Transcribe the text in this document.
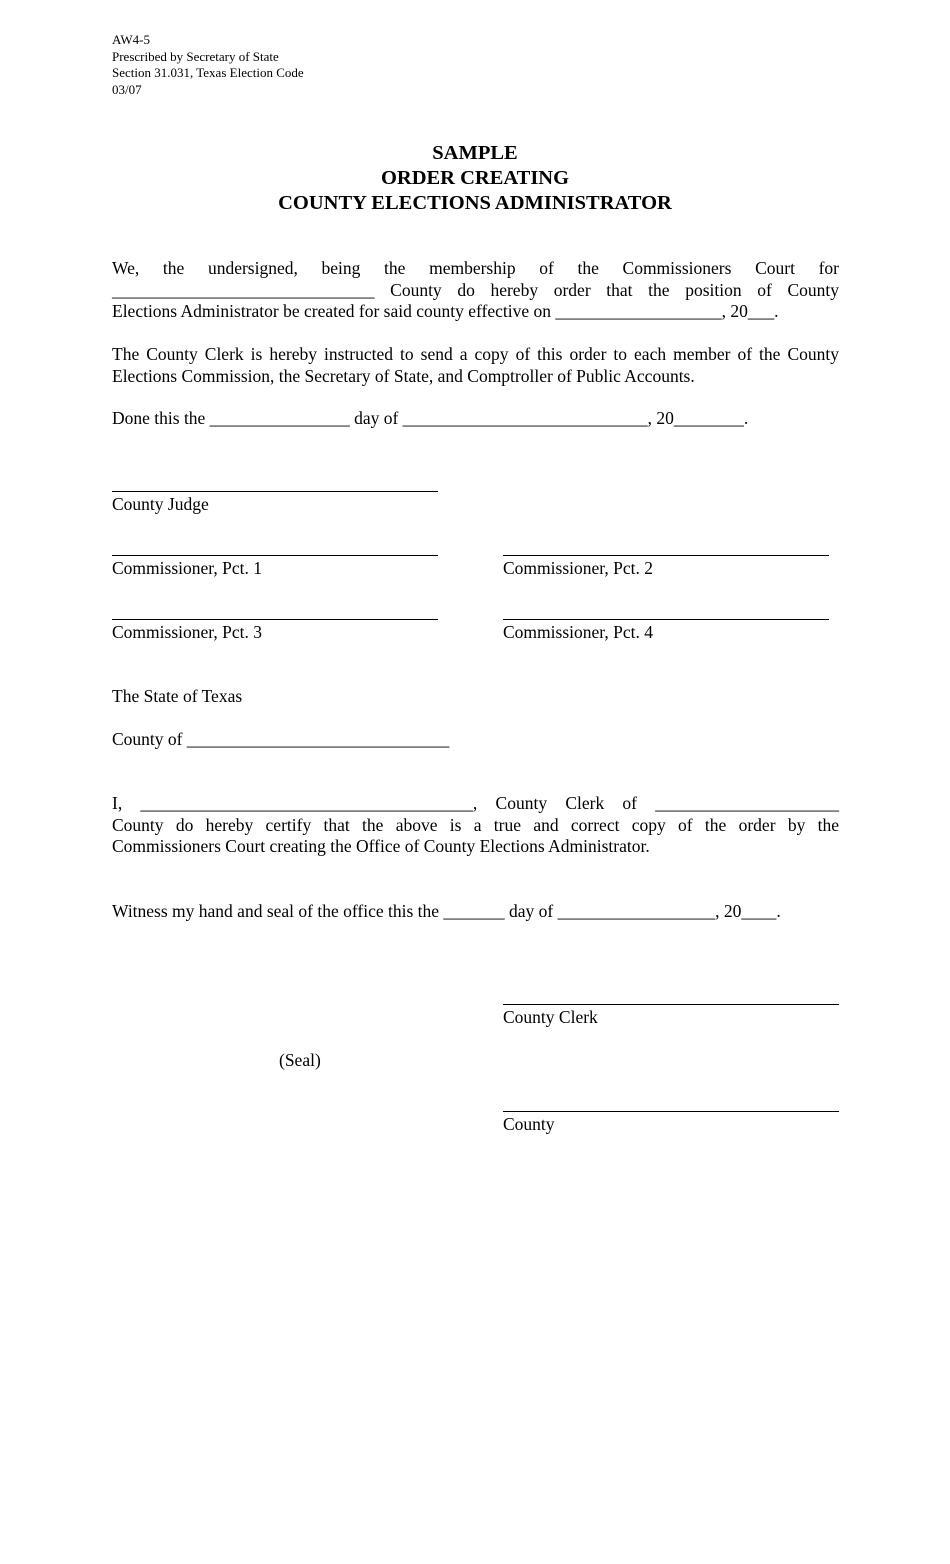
AW4-5
Prescribed by Secretary of State
Section 31.031, Texas Election Code
03/07
SAMPLE
ORDER CREATING
COUNTY ELECTIONS ADMINISTRATOR
We, the undersigned, being the membership of the Commissioners Court for
______________________________ County do hereby order that the position of County
Elections Administrator be created for said county effective on ___________________, 20___.
The County Clerk is hereby instructed to send a copy of this order to each member of the County
Elections Commission, the Secretary of State, and Comptroller of Public Accounts.
Done this the ________________ day of ____________________________, 20________.
County Judge
Commissioner, Pct. 1	Commissioner, Pct. 2
Commissioner, Pct. 3	Commissioner, Pct. 4
The State of Texas
County of ______________________________
I, ______________________________________, County Clerk of _____________________
County do hereby certify that the above is a true and correct copy of the order by the
Commissioners Court creating the Office of County Elections Administrator.
Witness my hand and seal of the office this the _______ day of __________________, 20____.
County Clerk
(Seal)
County
